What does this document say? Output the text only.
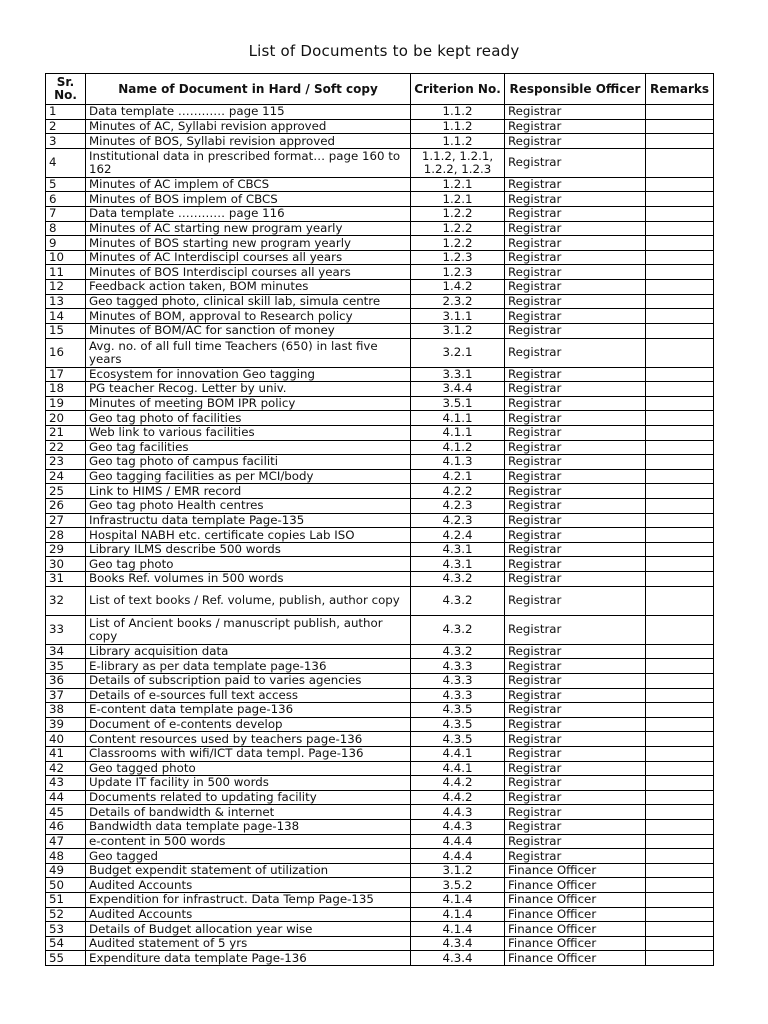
List of Documents to be kept ready
Sr. No.	Name of Document in Hard / Soft copy	Criterion No.	Responsible Officer	Remarks
1	Data template ………… page 115	1.1.2	Registrar	
2	Minutes of AC, Syllabi revision approved	1.1.2	Registrar	
3	Minutes of BOS, Syllabi revision approved	1.1.2	Registrar	
4	Institutional data in prescribed format… page 160 to 162	1.1.2, 1.2.1, 1.2.2, 1.2.3	Registrar	
5	Minutes of AC implem of CBCS	1.2.1	Registrar	
6	Minutes of BOS implem of CBCS	1.2.1	Registrar	
7	Data template ………… page 116	1.2.2	Registrar	
8	Minutes of AC starting new program yearly	1.2.2	Registrar	
9	Minutes of BOS starting new program yearly	1.2.2	Registrar	
10	Minutes of AC Interdiscipl courses all years	1.2.3	Registrar	
11	Minutes of BOS Interdiscipl courses all years	1.2.3	Registrar	
12	Feedback action taken, BOM minutes	1.4.2	Registrar	
13	Geo tagged photo, clinical skill lab, simula centre	2.3.2	Registrar	
14	Minutes of BOM, approval to Research policy	3.1.1	Registrar	
15	Minutes of BOM/AC for sanction of money	3.1.2	Registrar	
16	Avg. no. of all full time Teachers (650) in last five years	3.2.1	Registrar	
17	Ecosystem for innovation Geo tagging	3.3.1	Registrar	
18	PG teacher Recog. Letter by univ.	3.4.4	Registrar	
19	Minutes of meeting BOM IPR policy	3.5.1	Registrar	
20	Geo tag photo of facilities	4.1.1	Registrar	
21	Web link to various facilities	4.1.1	Registrar	
22	Geo tag facilities	4.1.2	Registrar	
23	Geo tag photo of campus faciliti	4.1.3	Registrar	
24	Geo tagging facilities as per MCI/body	4.2.1	Registrar	
25	Link to HIMS / EMR record	4.2.2	Registrar	
26	Geo tag photo Health centres	4.2.3	Registrar	
27	Infrastructu data template Page-135	4.2.3	Registrar	
28	Hospital NABH etc. certificate copies Lab ISO	4.2.4	Registrar	
29	Library ILMS describe 500 words	4.3.1	Registrar	
30	Geo tag photo	4.3.1	Registrar	
31	Books Ref. volumes in 500 words	4.3.2	Registrar	
32	List of text books / Ref. volume, publish, author copy	4.3.2	Registrar	
33	List of Ancient books / manuscript publish, author copy	4.3.2	Registrar	
34	Library acquisition data	4.3.2	Registrar	
35	E-library as per data template page-136	4.3.3	Registrar	
36	Details of subscription paid to varies agencies	4.3.3	Registrar	
37	Details of e-sources full text access	4.3.3	Registrar	
38	E-content data template page-136	4.3.5	Registrar	
39	Document of e-contents develop	4.3.5	Registrar	
40	Content resources used by teachers page-136	4.3.5	Registrar	
41	Classrooms with wifi/ICT data templ. Page-136	4.4.1	Registrar	
42	Geo tagged photo	4.4.1	Registrar	
43	Update IT facility in 500 words	4.4.2	Registrar	
44	Documents related to updating facility	4.4.2	Registrar	
45	Details of bandwidth & internet	4.4.3	Registrar	
46	Bandwidth data template page-138	4.4.3	Registrar	
47	e-content in 500 words	4.4.4	Registrar	
48	Geo tagged	4.4.4	Registrar	
49	Budget expendit statement of utilization	3.1.2	Finance Officer	
50	Audited Accounts	3.5.2	Finance Officer	
51	Expendition for infrastruct. Data Temp Page-135	4.1.4	Finance Officer	
52	Audited Accounts	4.1.4	Finance Officer	
53	Details of Budget allocation year wise	4.1.4	Finance Officer	
54	Audited statement of 5 yrs	4.3.4	Finance Officer	
55	Expenditure data template Page-136	4.3.4	Finance Officer	
